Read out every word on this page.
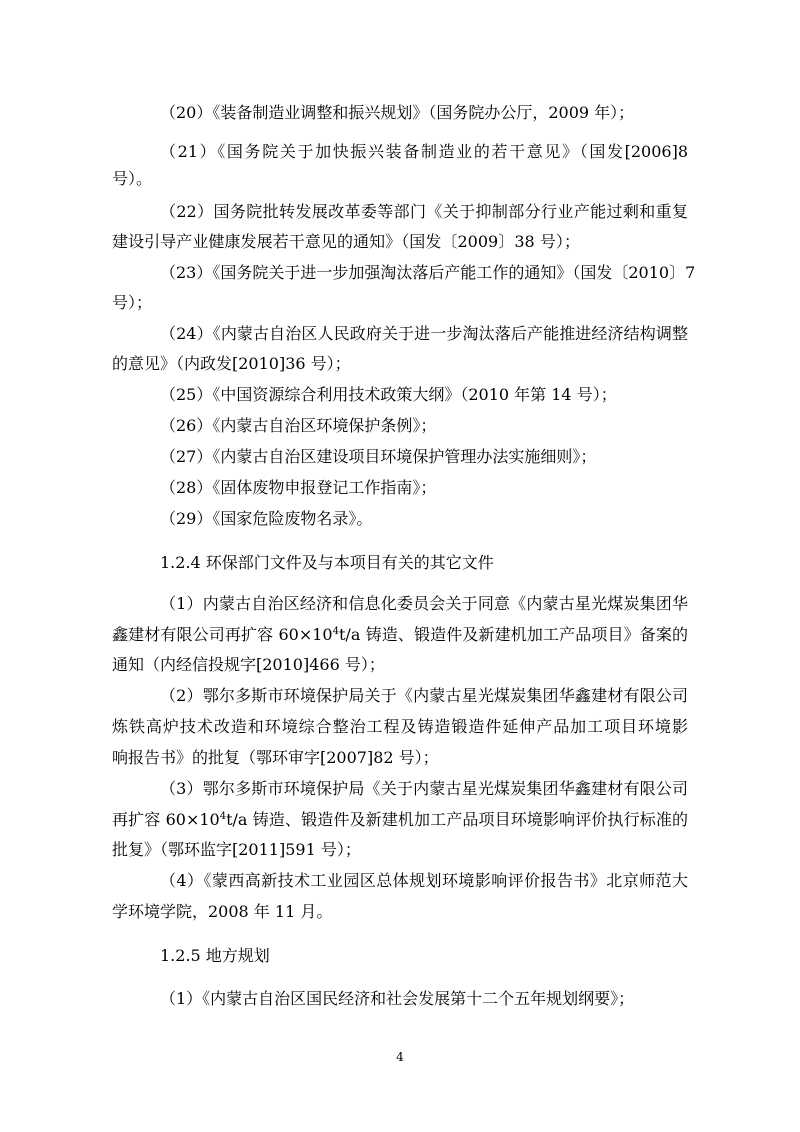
（20）《装备制造业调整和振兴规划》（国务院办公厅，2009 年）；
（21）《国务院关于加快振兴装备制造业的若干意见》（国发[2006]8
号）。
（22）国务院批转发展改革委等部门《关于抑制部分行业产能过剩和重复
建设引导产业健康发展若干意见的通知》（国发〔2009〕38 号）；
（23）《国务院关于进一步加强淘汰落后产能工作的通知》（国发〔2010〕7
号）；
（24）《内蒙古自治区人民政府关于进一步淘汰落后产能推进经济结构调整
的意见》（内政发[2010]36 号）；
（25）《中国资源综合利用技术政策大纲》（2010 年第 14 号）；
（26）《内蒙古自治区环境保护条例》；
（27）《内蒙古自治区建设项目环境保护管理办法实施细则》；
（28）《固体废物申报登记工作指南》；
（29）《国家危险废物名录》。
1.2.4 环保部门文件及与本项目有关的其它文件
（1）内蒙古自治区经济和信息化委员会关于同意《内蒙古星光煤炭集团华
鑫建材有限公司再扩容 $60\times 10^4t/a$ 铸造、锻造件及新建机加工产品项目》备案的
通知（内经信投规字[2010]466 号）；
（2）鄂尔多斯市环境保护局关于《内蒙古星光煤炭集团华鑫建材有限公司
炼铁高炉技术改造和环境综合整治工程及铸造锻造件延伸产品加工项目环境影
响报告书》的批复（鄂环审字[2007]82 号）；
（3）鄂尔多斯市环境保护局《关于内蒙古星光煤炭集团华鑫建材有限公司
再扩容 $60\times 10^4t/a$ 铸造、锻造件及新建机加工产品项目环境影响评价执行标准的
批复》（鄂环监字[2011]591 号）；
（4）《蒙西高新技术工业园区总体规划环境影响评价报告书》北京师范大
学环境学院，2008 年 11 月。
1.2.5 地方规划
（1）《内蒙古自治区国民经济和社会发展第十二个五年规划纲要》；
4
